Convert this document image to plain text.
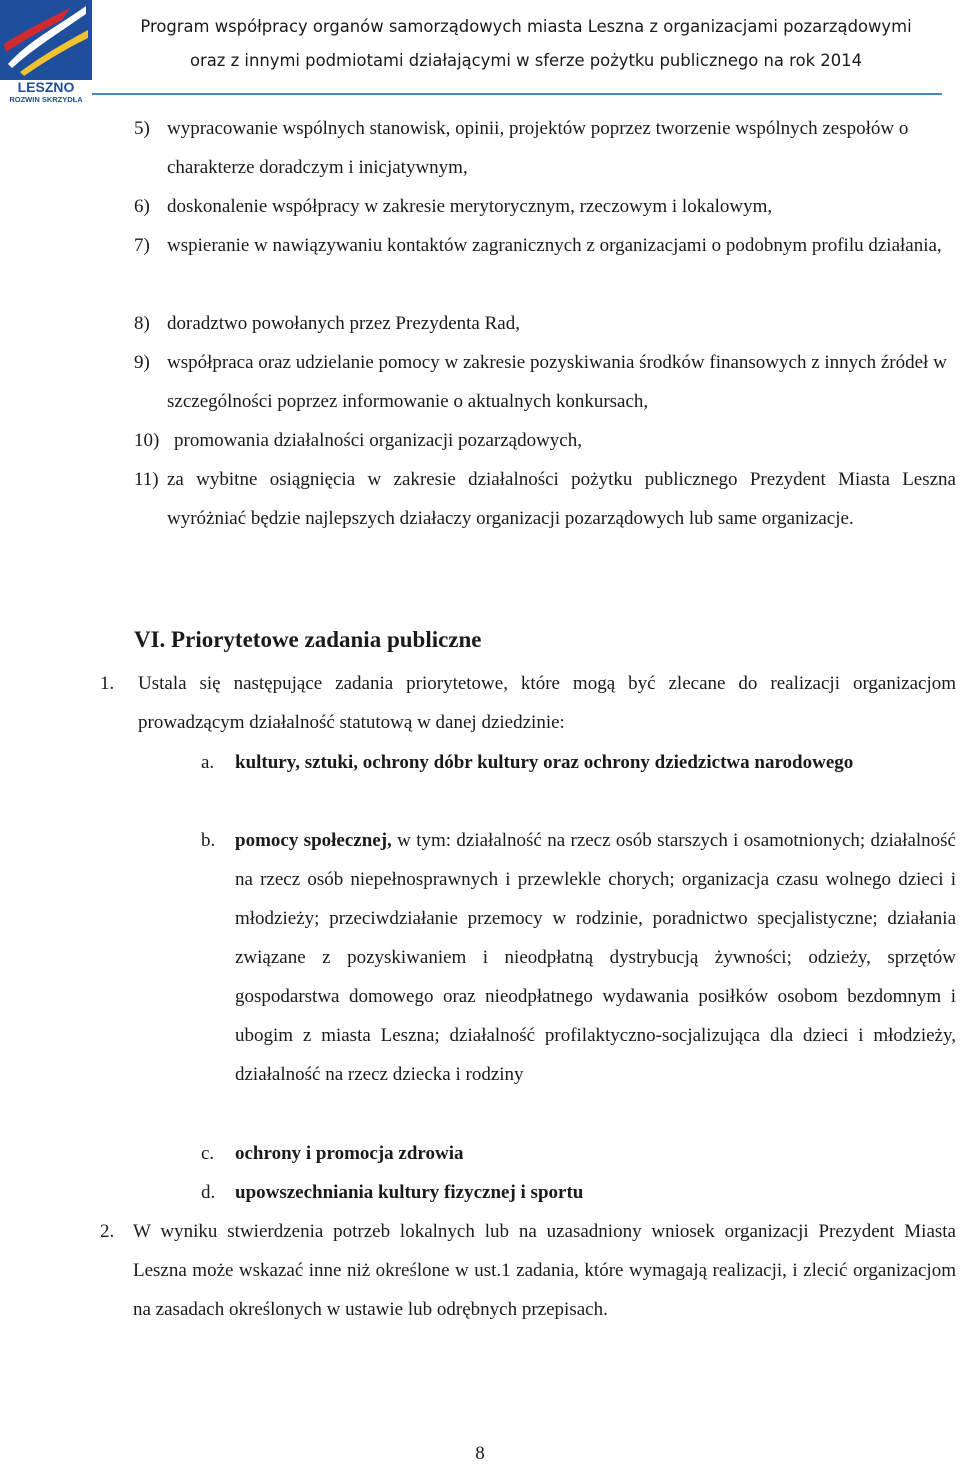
LESZNO
ROZWIN SKRZYDŁA
Program współpracy organów samorządowych miasta Leszna z organizacjami pozarządowymi
oraz z innymi podmiotami działającymi w sferze pożytku publicznego na rok 2014
5) wypracowanie wspólnych stanowisk, opinii, projektów poprzez tworzenie wspólnych zespołów o charakterze doradczym i inicjatywnym,
6) doskonalenie współpracy w zakresie merytorycznym, rzeczowym i lokalowym,
7) wspieranie w nawiązywaniu kontaktów zagranicznych z organizacjami o podobnym profilu działania,
8) doradztwo powołanych przez Prezydenta Rad,
9) współpraca oraz udzielanie pomocy w zakresie pozyskiwania środków finansowych z innych źródeł w szczególności poprzez informowanie o aktualnych konkursach,
10) promowania działalności organizacji pozarządowych,
11) za wybitne osiągnięcia w zakresie działalności pożytku publicznego Prezydent Miasta Leszna wyróżniać będzie najlepszych działaczy organizacji pozarządowych lub same organizacje.
VI. Priorytetowe zadania publiczne
1. Ustala się następujące zadania priorytetowe, które mogą być zlecane do realizacji organizacjom prowadzącym działalność statutową w danej dziedzinie:
a. kultury, sztuki, ochrony dóbr kultury oraz ochrony dziedzictwa narodowego
b. pomocy społecznej, w tym: działalność na rzecz osób starszych i osamotnionych; działalność na rzecz osób niepełnosprawnych i przewlekle chorych; organizacja czasu wolnego dzieci i młodzieży; przeciwdziałanie przemocy w rodzinie, poradnictwo specjalistyczne; działania związane z pozyskiwaniem i nieodpłatną dystrybucją żywności; odzieży, sprzętów gospodarstwa domowego oraz nieodpłatnego wydawania posiłków osobom bezdomnym i ubogim z miasta Leszna; działalność profilaktyczno-socjalizująca dla dzieci i młodzieży, działalność na rzecz dziecka i rodziny
c. ochrony i promocja zdrowia
d. upowszechniania kultury fizycznej i sportu
2. W wyniku stwierdzenia potrzeb lokalnych lub na uzasadniony wniosek organizacji Prezydent Miasta Leszna może wskazać inne niż określone w ust.1 zadania, które wymagają realizacji, i zlecić organizacjom na zasadach określonych w ustawie lub odrębnych przepisach.
8
